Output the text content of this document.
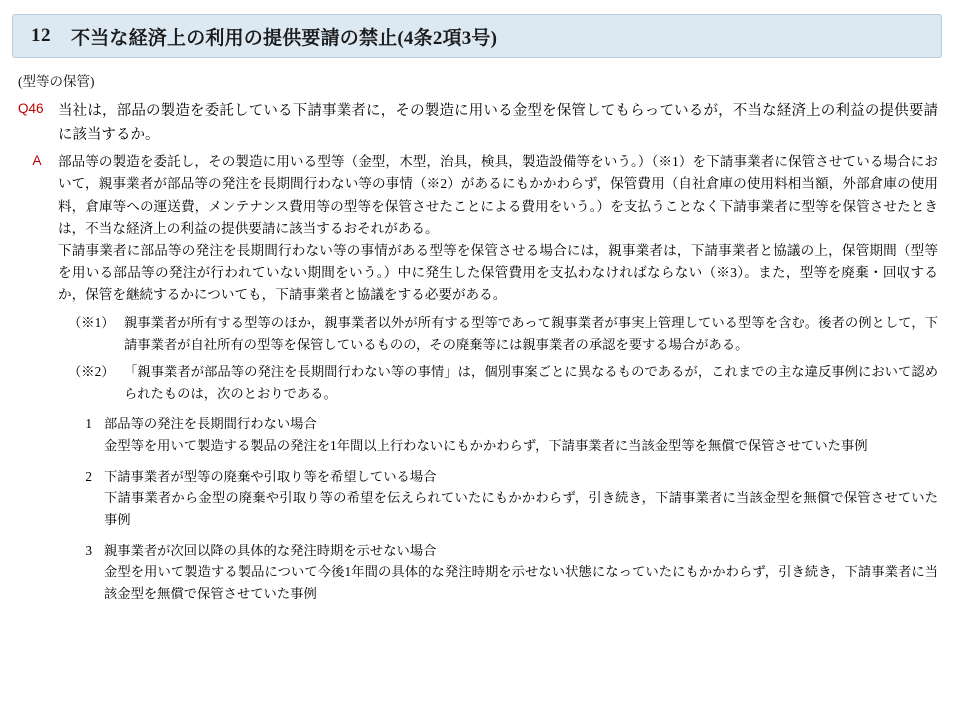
12 不当な経済上の利用の提供要請の禁止(4条2項3号)
(型等の保管)
Q46 当社は，部品の製造を委託している下請事業者に，その製造に用いる金型を保管してもらっているが，不当な経済上の利益の提供要請に該当するか。
A	部品等の製造を委託し，その製造に用いる型等（金型，木型，治具，検具，製造設備等をいう。）（※1）を下請事業者に保管させている場合において，親事業者が部品等の発注を長期間行わない等の事情（※2）があるにもかかわらず，保管費用（自社倉庫の使用料相当額，外部倉庫の使用料，倉庫等への運送費，メンテナンス費用等の型等を保管させたことによる費用をいう。）を支払うことなく下請事業者に型等を保管させたときは，不当な経済上の利益の提供要請に該当するおそれがある。

下請事業者に部品等の発注を長期間行わない等の事情がある型等を保管させる場合には，親事業者は，下請事業者と協議の上，保管期間（型等を用いる部品等の発注が行われていない期間をいう。）中に発生した保管費用を支払わなければならない（※3）。また，型等を廃棄・回収するか，保管を継続するかについても，下請事業者と協議をする必要がある。

（※1） 親事業者が所有する型等のほか，親事業者以外が所有する型等であって親事業者が事実上管理している型等を含む。後者の例として，下請事業者が自社所有の型等を保管しているものの，その廃棄等には親事業者の承認を要する場合がある。
（※2） 「親事業者が部品等の発注を長期間行わない等の事情」は，個別事案ごとに異なるものであるが，これまでの主な違反事例において認められたものは，次のとおりである。
1 部品等の発注を長期間行わない場合
金型等を用いて製造する製品の発注を1年間以上行わないにもかかわらず，下請事業者に当該金型等を無償で保管させていた事例
2 下請事業者が型等の廃棄や引取り等を希望している場合
下請事業者から金型の廃棄や引取り等の希望を伝えられていたにもかかわらず，引き続き，下請事業者に当該金型を無償で保管させていた事例
3 親事業者が次回以降の具体的な発注時期を示せない場合
金型を用いて製造する製品について今後1年間の具体的な発注時期を示せない状態になっていたにもかかわらず，引き続き，下請事業者に当該金型を無償で保管させていた事例
